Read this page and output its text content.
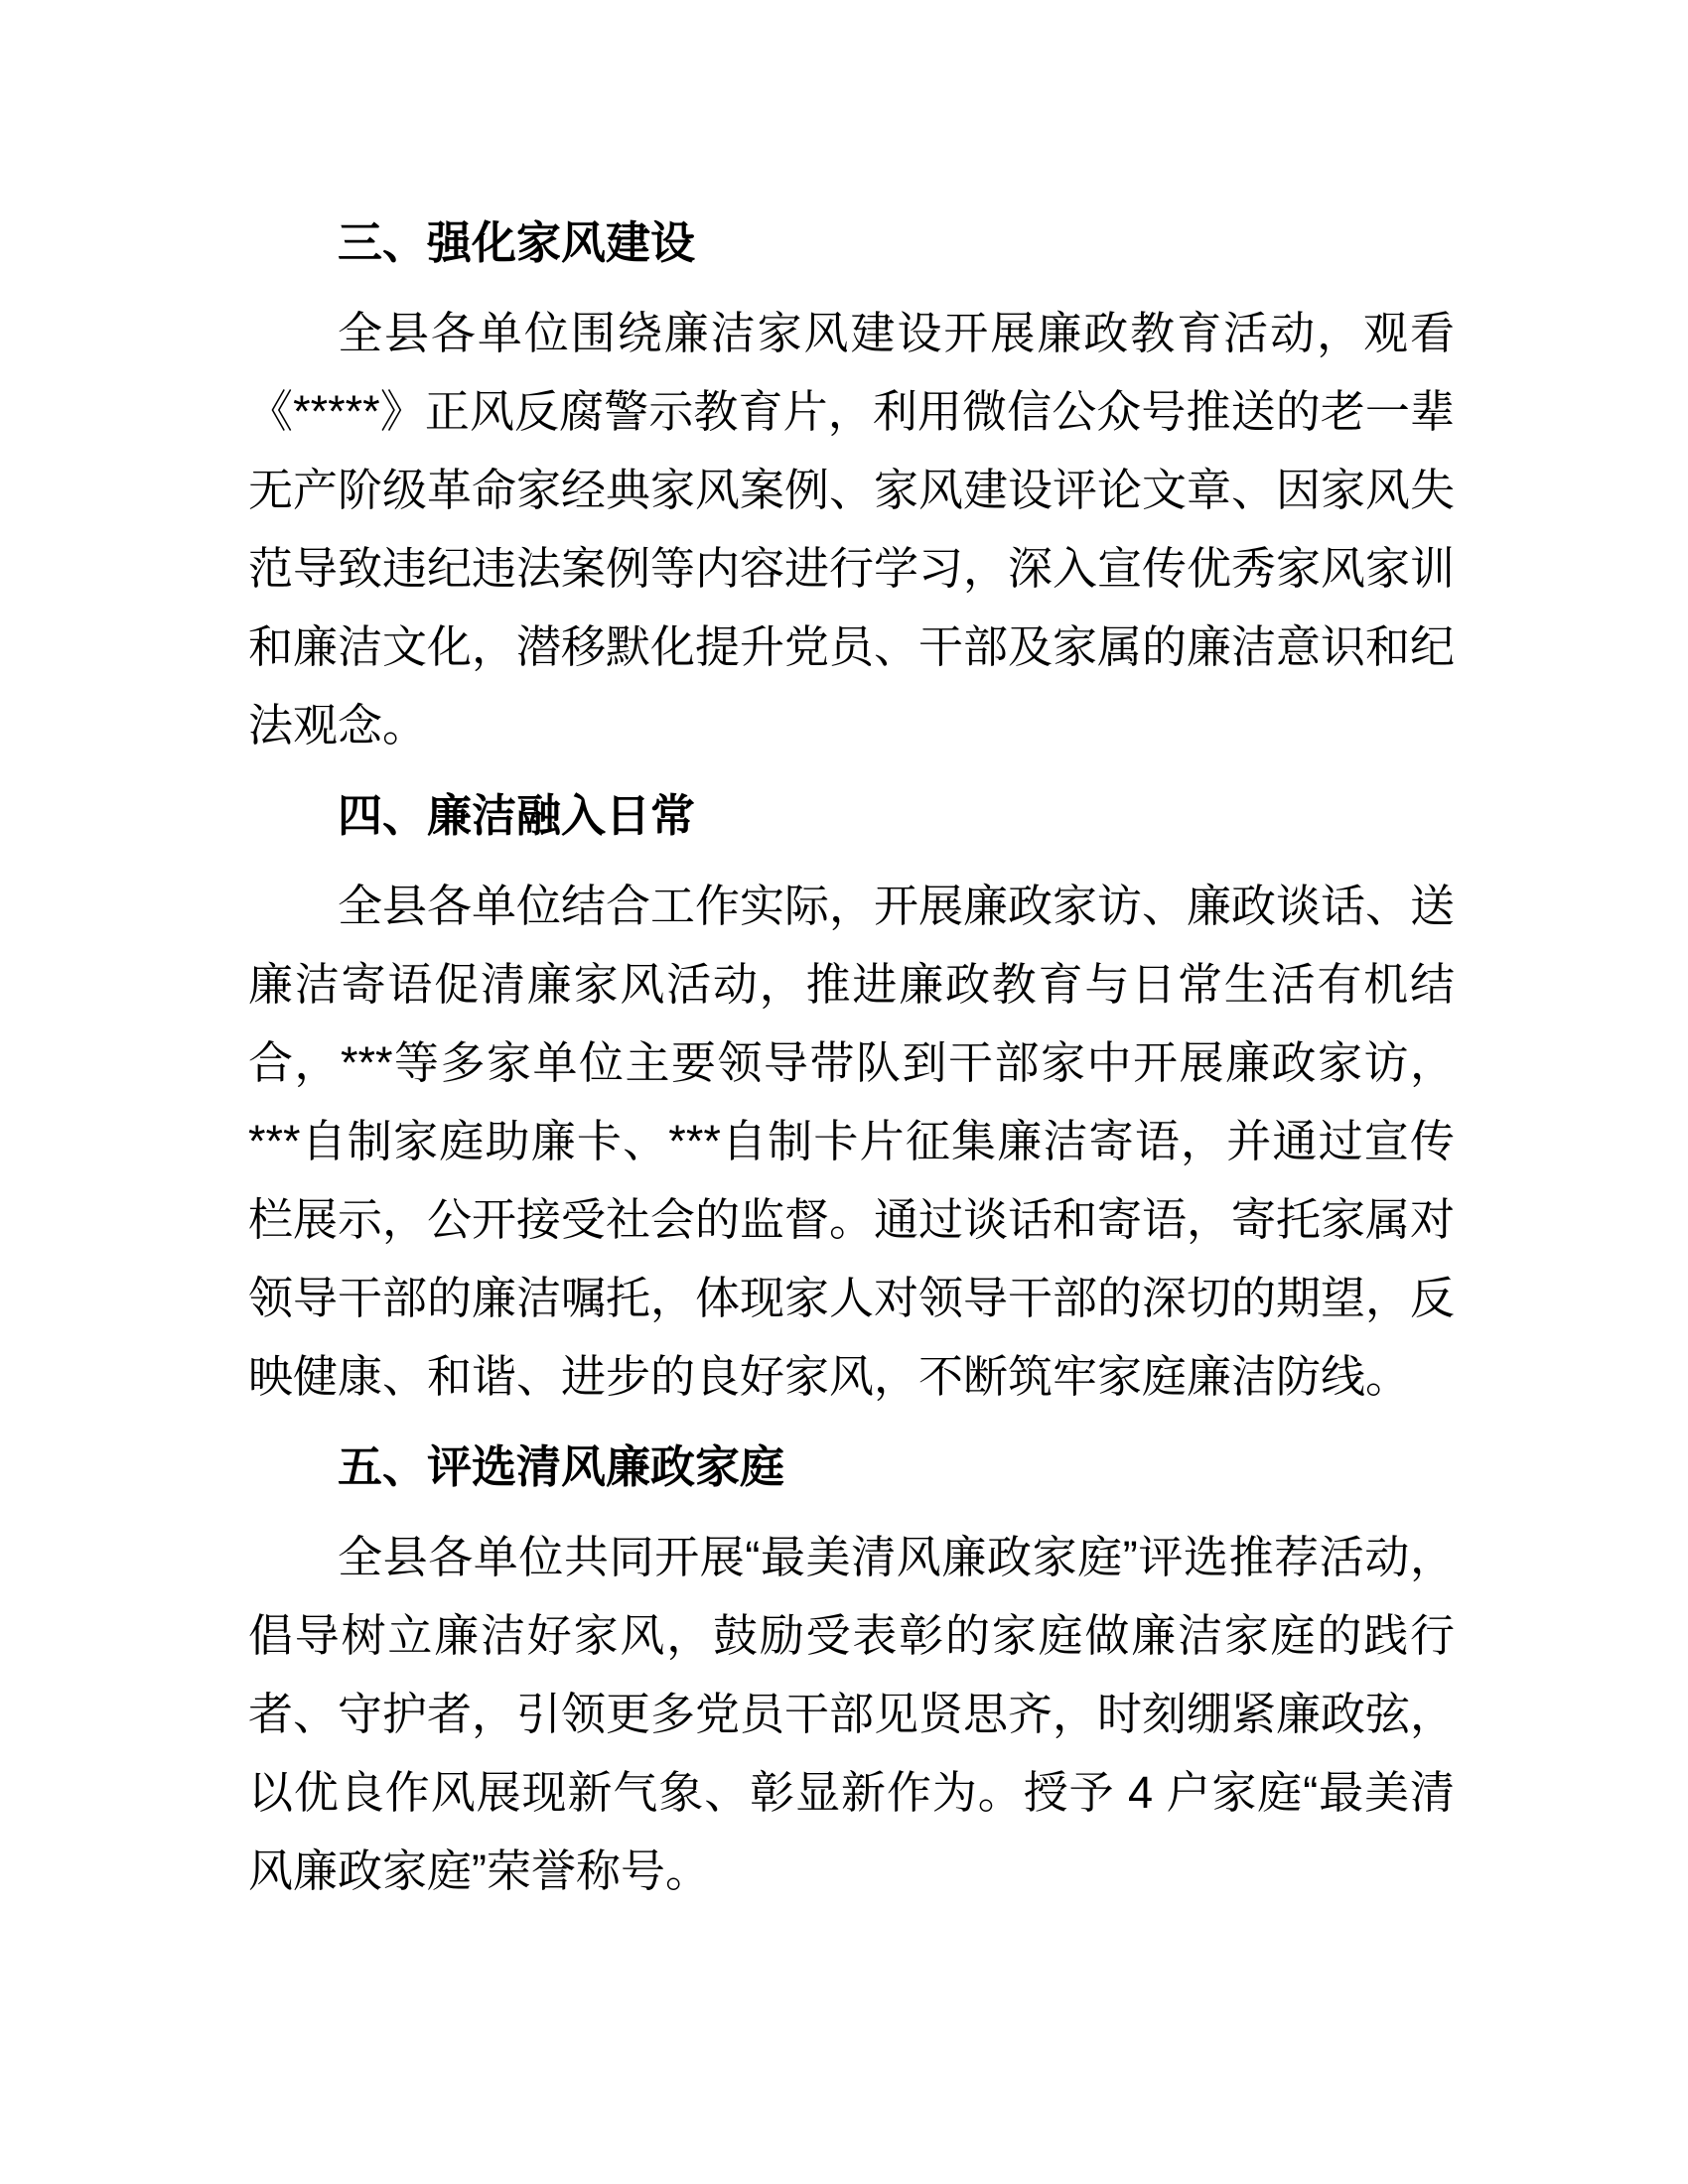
三、强化家风建设

全县各单位围绕廉洁家风建设开展廉政教育活动，观看《*****》正风反腐警示教育片，利用微信公众号推送的老一辈无产阶级革命家经典家风案例、家风建设评论文章、因家风失范导致违纪违法案例等内容进行学习，深入宣传优秀家风家训和廉洁文化，潜移默化提升党员、干部及家属的廉洁意识和纪法观念。

四、廉洁融入日常

全县各单位结合工作实际，开展廉政家访、廉政谈话、送廉洁寄语促清廉家风活动，推进廉政教育与日常生活有机结合，***等多家单位主要领导带队到干部家中开展廉政家访，***自制家庭助廉卡、***自制卡片征集廉洁寄语，并通过宣传栏展示，公开接受社会的监督。通过谈话和寄语，寄托家属对领导干部的廉洁嘱托，体现家人对领导干部的深切的期望，反映健康、和谐、进步的良好家风，不断筑牢家庭廉洁防线。

五、评选清风廉政家庭

全县各单位共同开展“最美清风廉政家庭”评选推荐活动，倡导树立廉洁好家风，鼓励受表彰的家庭做廉洁家庭的践行者、守护者，引领更多党员干部见贤思齐，时刻绷紧廉政弦，以优良作风展现新气象、彰显新作为。授予 4 户家庭“最美清风廉政家庭”荣誉称号。
